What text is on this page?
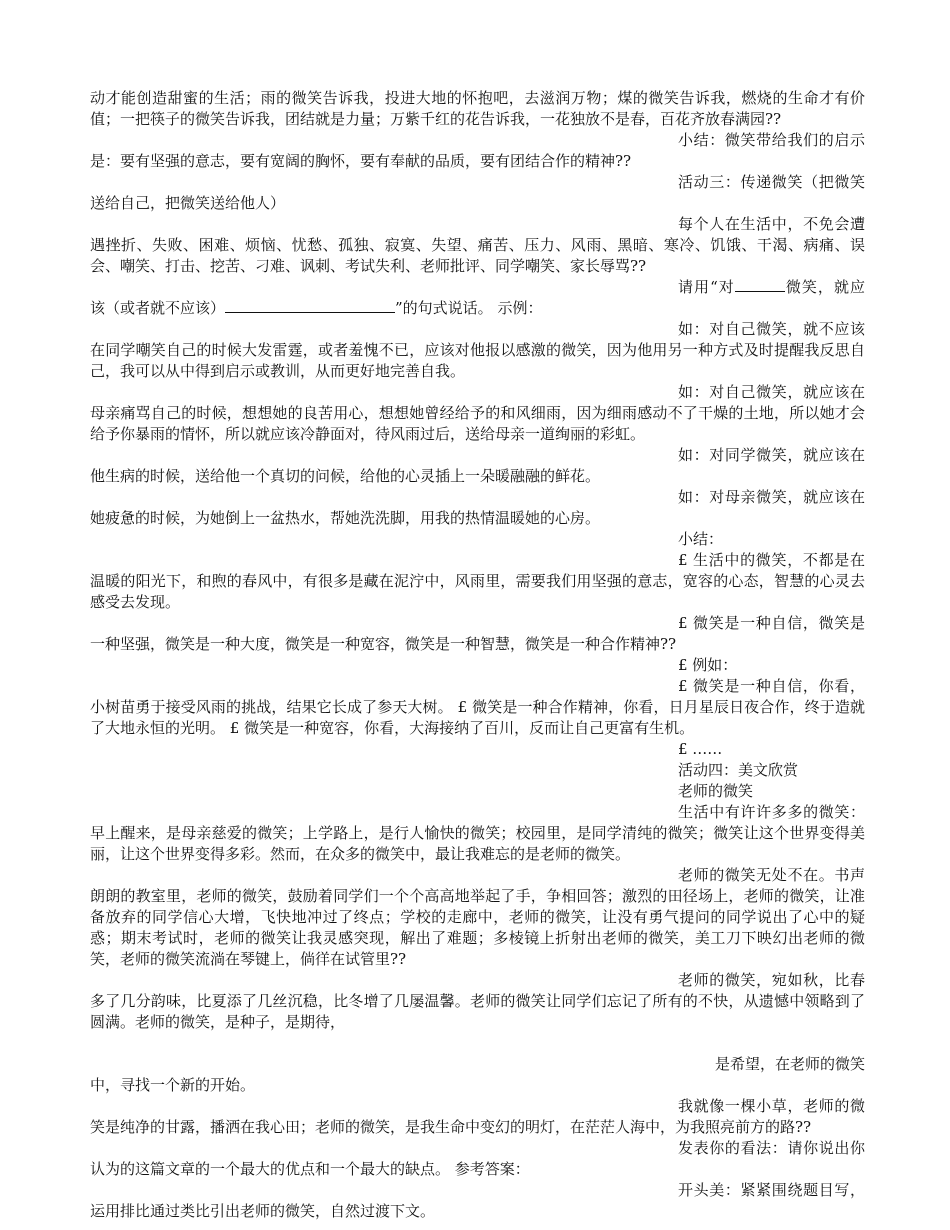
动才能创造甜蜜的生活；雨的微笑告诉我，投进大地的怀抱吧，去滋润万物；煤的微笑告诉我，燃烧的生命才有价值；一把筷子的微笑告诉我，团结就是力量；万紫千红的花告诉我，一花独放不是春，百花齐放春满园??

小结：微笑带给我们的启示是：要有坚强的意志，要有宽阔的胸怀，要有奉献的品质，要有团结合作的精神??

活动三：传递微笑（把微笑送给自己，把微笑送给他人）

每个人在生活中，不免会遭遇挫折、失败、困难、烦恼、忧愁、孤独、寂寞、失望、痛苦、压力、风雨、黑暗、寒冷、饥饿、干渴、病痛、误会、嘲笑、打击、挖苦、刁难、讽刺、考试失利、老师批评、同学嘲笑、家长辱骂??

请用“对	微笑，就应该（或者就不应该）	”的句式说话。 示例：

如：对自己微笑，就不应该在同学嘲笑自己的时候大发雷霆，或者羞愧不已，应该对他报以感激的微笑，因为他用另一种方式及时提醒我反思自己，我可以从中得到启示或教训，从而更好地完善自我。

如：对自己微笑，就应该在母亲痛骂自己的时候，想想她的良苦用心，想想她曾经给予的和风细雨，因为细雨感动不了干燥的土地，所以她才会给予你暴雨的情怀，所以就应该冷静面对，待风雨过后，送给母亲一道绚丽的彩虹。

如：对同学微笑，就应该在他生病的时候，送给他一个真切的问候，给他的心灵插上一朵暖融融的鲜花。

如：对母亲微笑，就应该在她疲惫的时候，为她倒上一盆热水，帮她洗洗脚，用我的热情温暖她的心房。

小结：

£ 生活中的微笑，不都是在温暖的阳光下，和煦的春风中，有很多是藏在泥泞中，风雨里，需要我们用坚强的意志，宽容的心态，智慧的心灵去感受去发现。

£ 微笑是一种自信，微笑是一种坚强，微笑是一种大度，微笑是一种宽容，微笑是一种智慧，微笑是一种合作精神??

£ 例如：

£ 微笑是一种自信，你看，小树苗勇于接受风雨的挑战，结果它长成了参天大树。 £ 微笑是一种合作精神，你看，日月星辰日夜合作，终于造就了大地永恒的光明。 £ 微笑是一种宽容，你看，大海接纳了百川，反而让自己更富有生机。

£ ……

活动四：美文欣赏

老师的微笑

生活中有许许多多的微笑：早上醒来，是母亲慈爱的微笑；上学路上，是行人愉快的微笑；校园里，是同学清纯的微笑；微笑让这个世界变得美丽，让这个世界变得多彩。然而，在众多的微笑中，最让我难忘的是老师的微笑。

老师的微笑无处不在。书声朗朗的教室里，老师的微笑，鼓励着同学们一个个高高地举起了手，争相回答；激烈的田径场上，老师的微笑，让准备放弃的同学信心大增，飞快地冲过了终点；学校的走廊中，老师的微笑，让没有勇气提问的同学说出了心中的疑惑；期末考试时，老师的微笑让我灵感突现，解出了难题；多棱镜上折射出老师的微笑，美工刀下映幻出老师的微笑，老师的微笑流淌在琴键上，倘徉在试管里??

老师的微笑，宛如秋，比春多了几分韵味，比夏添了几丝沉稳，比冬增了几屡温馨。老师的微笑让同学们忘记了所有的不快，从遗憾中领略到了圆满。老师的微笑，是种子，是期待，

是希望，在老师的微笑中，寻找一个新的开始。

我就像一棵小草，老师的微笑是纯净的甘露，播洒在我心田；老师的微笑，是我生命中变幻的明灯，在茫茫人海中，为我照亮前方的路??

发表你的看法：请你说出你认为的这篇文章的一个最大的优点和一个最大的缺点。 参考答案：

开头美：紧紧围绕题目写，运用排比通过类比引出老师的微笑，自然过渡下文。
